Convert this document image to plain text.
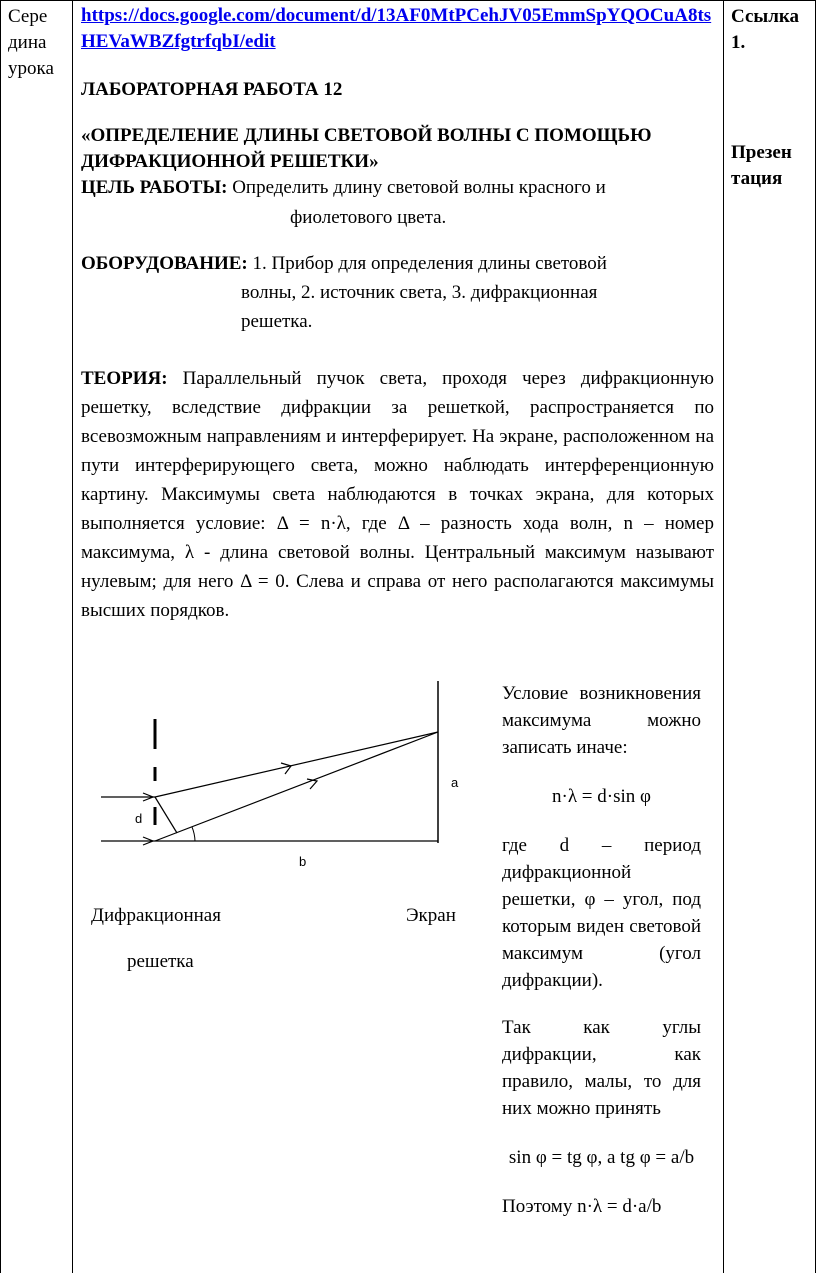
Сере
дина
урока
Ссылка 1.
Презен тация
https://docs.google.com/document/d/13AF0MtPCehJV05EmmSpYQOCuA8tsHEVaWBZfgtrfqbI/edit

ЛАБОРАТОРНАЯ РАБОТА 12

«ОПРЕДЕЛЕНИЕ ДЛИНЫ СВЕТОВОЙ ВОЛНЫ С ПОМОЩЬЮ

ДИФРАКЦИОННОЙ РЕШЕТКИ»

ЦЕЛЬ РАБОТЫ: Определить длину световой волны красного и

фиолетового цвета.

ОБОРУДОВАНИЕ: 1. Прибор для определения длины световой

волны, 2. источник света, 3. дифракционная

решетка.

ТЕОРИЯ: Параллельный пучок света, проходя через дифракционную решетку, вследствие дифракции за решеткой, распространяется по всевозможным направлениям и интерферирует. На экране, расположенном на пути интерферирующего света, можно наблюдать интерференционную картину. Максимумы света наблюдаются в точках экрана, для которых выполняется условие: Δ = n·λ, где Δ – разность хода волн, n – номер максимума, λ - длина световой волны. Центральный максимум называют нулевым; для него Δ = 0. Слева и справа от него располагаются максимумы высших порядков.
d
a
b
Дифракционная
решетка
Экран

Условие возникновения максимума можно записать иначе:

n·λ = d·sin φ

где d – период дифракционной решетки, φ – угол, под которым виден световой максимум (угол дифракции).

Так как углы дифракции, как правило, малы, то для них можно принять

sin φ = tg φ, а tg φ = a/b

Поэтому n·λ = d·a/b
